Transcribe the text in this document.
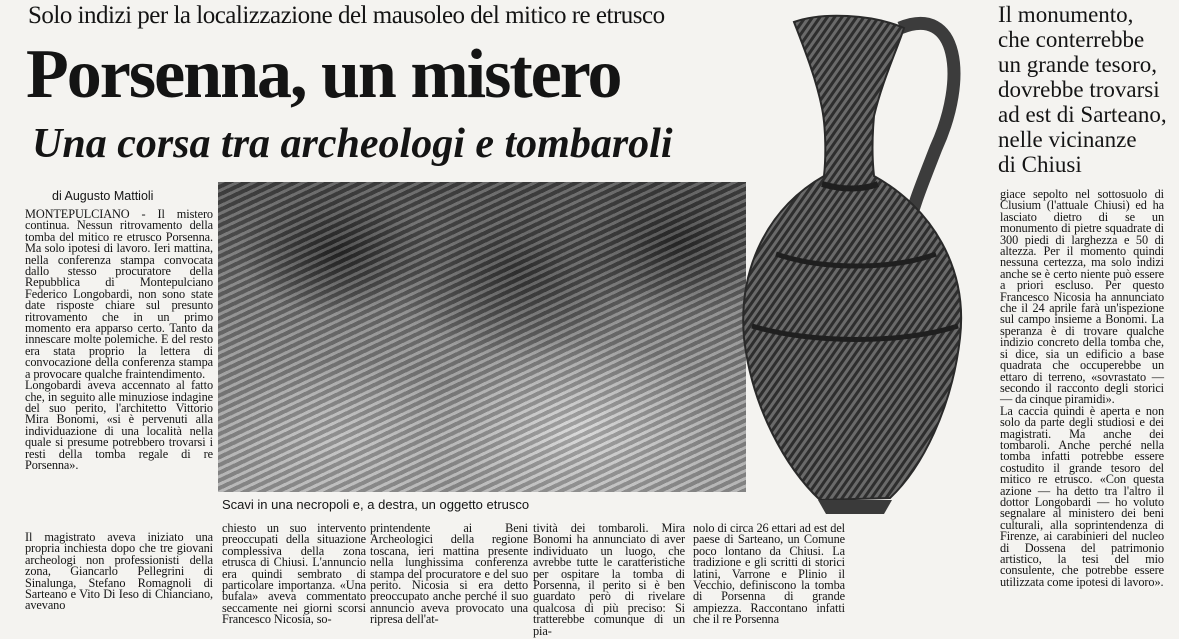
Solo indizi per la localizzazione del mausoleo del mitico re etrusco
Porsenna, un mistero
Una corsa tra archeologi e tombaroli

Il monumento,
che conterrebbe
un grande tesoro,
dovrebbe trovarsi
ad est di Sarteano,
nelle vicinanze
di Chiusi

di Augusto Mattioli

MONTEPULCIANO - Il mistero continua. Nessun ritrovamento della tomba del mitico re etrusco Porsenna. Ma solo ipotesi di lavoro. Ieri mattina, nella conferenza stampa convocata dallo stesso procuratore della Repubblica di Montepulciano Federico Longobardi, non sono state date risposte chiare sul presunto ritrovamento che in un primo momento era apparso certo. Tanto da innescare molte polemiche. E del resto era stata proprio la lettera di convocazione della conferenza stampa a provocare qualche fraintendimento.
Longobardi aveva accennato al fatto che, in seguito alle minuziose indagine del suo perito, l'architetto Vittorio Mira Bonomi, «si è pervenuti alla individuazione di una località nella quale si presume potrebbero trovarsi i resti della tomba regale di re Porsenna».

Il magistrato aveva iniziato una propria inchiesta dopo che tre giovani archeologi non professionisti della zona, Giancarlo Pellegrini di Sinalunga, Stefano Romagnoli di Sarteano e Vito Di Ieso di Chianciano, avevano

Scavi in una necropoli e, a destra, un oggetto etrusco

chiesto un suo intervento preoccupati della situazione complessiva della zona etrusca di Chiusi. L'annuncio era quindi sembrato di particolare importanza. «Una bufala» aveva commentato seccamente nei giorni scorsi Francesco Nicosia, so-

printendente ai Beni Archeologici della regione toscana, ieri mattina presente nella lunghissima conferenza stampa del procuratore e del suo perito. Nicosia si era detto preoccupato anche perché il suo annuncio aveva provocato una ripresa dell'at-

tività dei tombaroli. Mira Bonomi ha annunciato di aver individuato un luogo, che avrebbe tutte le caratteristiche per ospitare la tomba di Porsenna, il perito si è ben guardato però di rivelare qualcosa di più preciso: Si tratterebbe comunque di un pia-

nolo di circa 26 ettari ad est del paese di Sarteano, un Comune poco lontano da Chiusi. La tradizione e gli scritti di storici latini, Varrone e Plinio il Vecchio, definiscono la tomba di Porsenna di grande ampiezza. Raccontano infatti che il re Porsenna

giace sepolto nel sottosuolo di Clusium (l'attuale Chiusi) ed ha lasciato dietro di se un monumento di pietre squadrate di 300 piedi di larghezza e 50 di altezza. Per il momento quindi nessuna certezza, ma solo indizi anche se è certo niente può essere a priori escluso. Per questo Francesco Nicosia ha annunciato che il 24 aprile farà un'ispezione sul campo insieme a Bonomi. La speranza è di trovare qualche indizio concreto della tomba che, si dice, sia un edificio a base quadrata che occuperebbe un ettaro di terreno, «sovrastato — secondo il racconto degli storici — da cinque piramidi».
La caccia quindi è aperta e non solo da parte degli studiosi e dei magistrati. Ma anche dei tombaroli. Anche perché nella tomba infatti potrebbe essere costudito il grande tesoro del mitico re etrusco. «Con questa azione — ha detto tra l'altro il dottor Longobardi — ho voluto segnalare al ministero dei beni culturali, alla soprintendenza di Firenze, ai carabinieri del nucleo di Dossena del patrimonio artistico, la tesi del mio consulente, che potrebbe essere utilizzata come ipotesi di lavoro».
